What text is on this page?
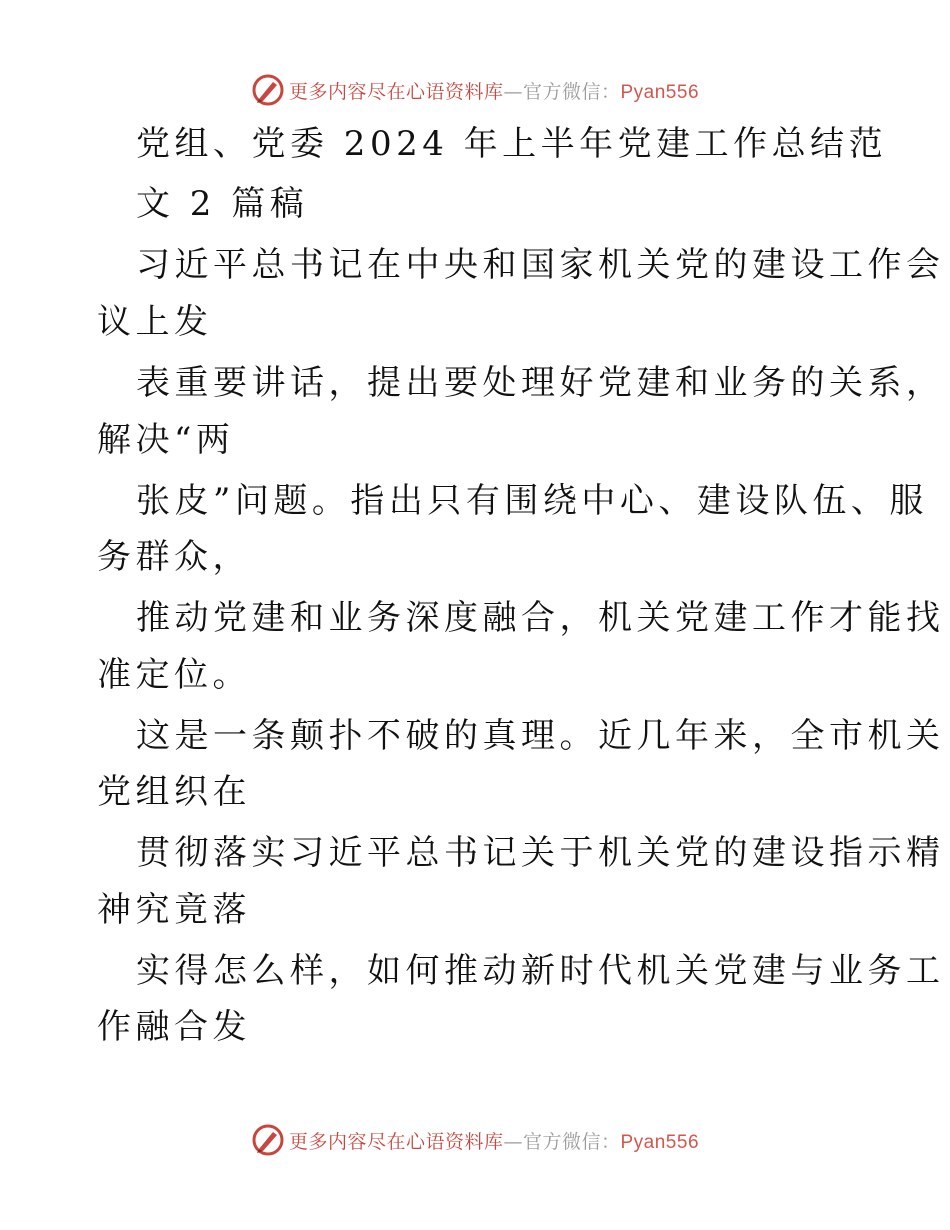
更多内容尽在心语资料库—官方微信：Pyan556
党组、党委 2024 年上半年党建工作总结范
文 2 篇稿
习近平总书记在中央和国家机关党的建设工作会
议上发
表重要讲话，提出要处理好党建和业务的关系，
解决“两
张皮”问题。指出只有围绕中心、建设队伍、服
务群众，
推动党建和业务深度融合，机关党建工作才能找
准定位。
这是一条颠扑不破的真理。近几年来，全市机关
党组织在
贯彻落实习近平总书记关于机关党的建设指示精
神究竟落
实得怎么样，如何推动新时代机关党建与业务工
作融合发
更多内容尽在心语资料库—官方微信：Pyan556
